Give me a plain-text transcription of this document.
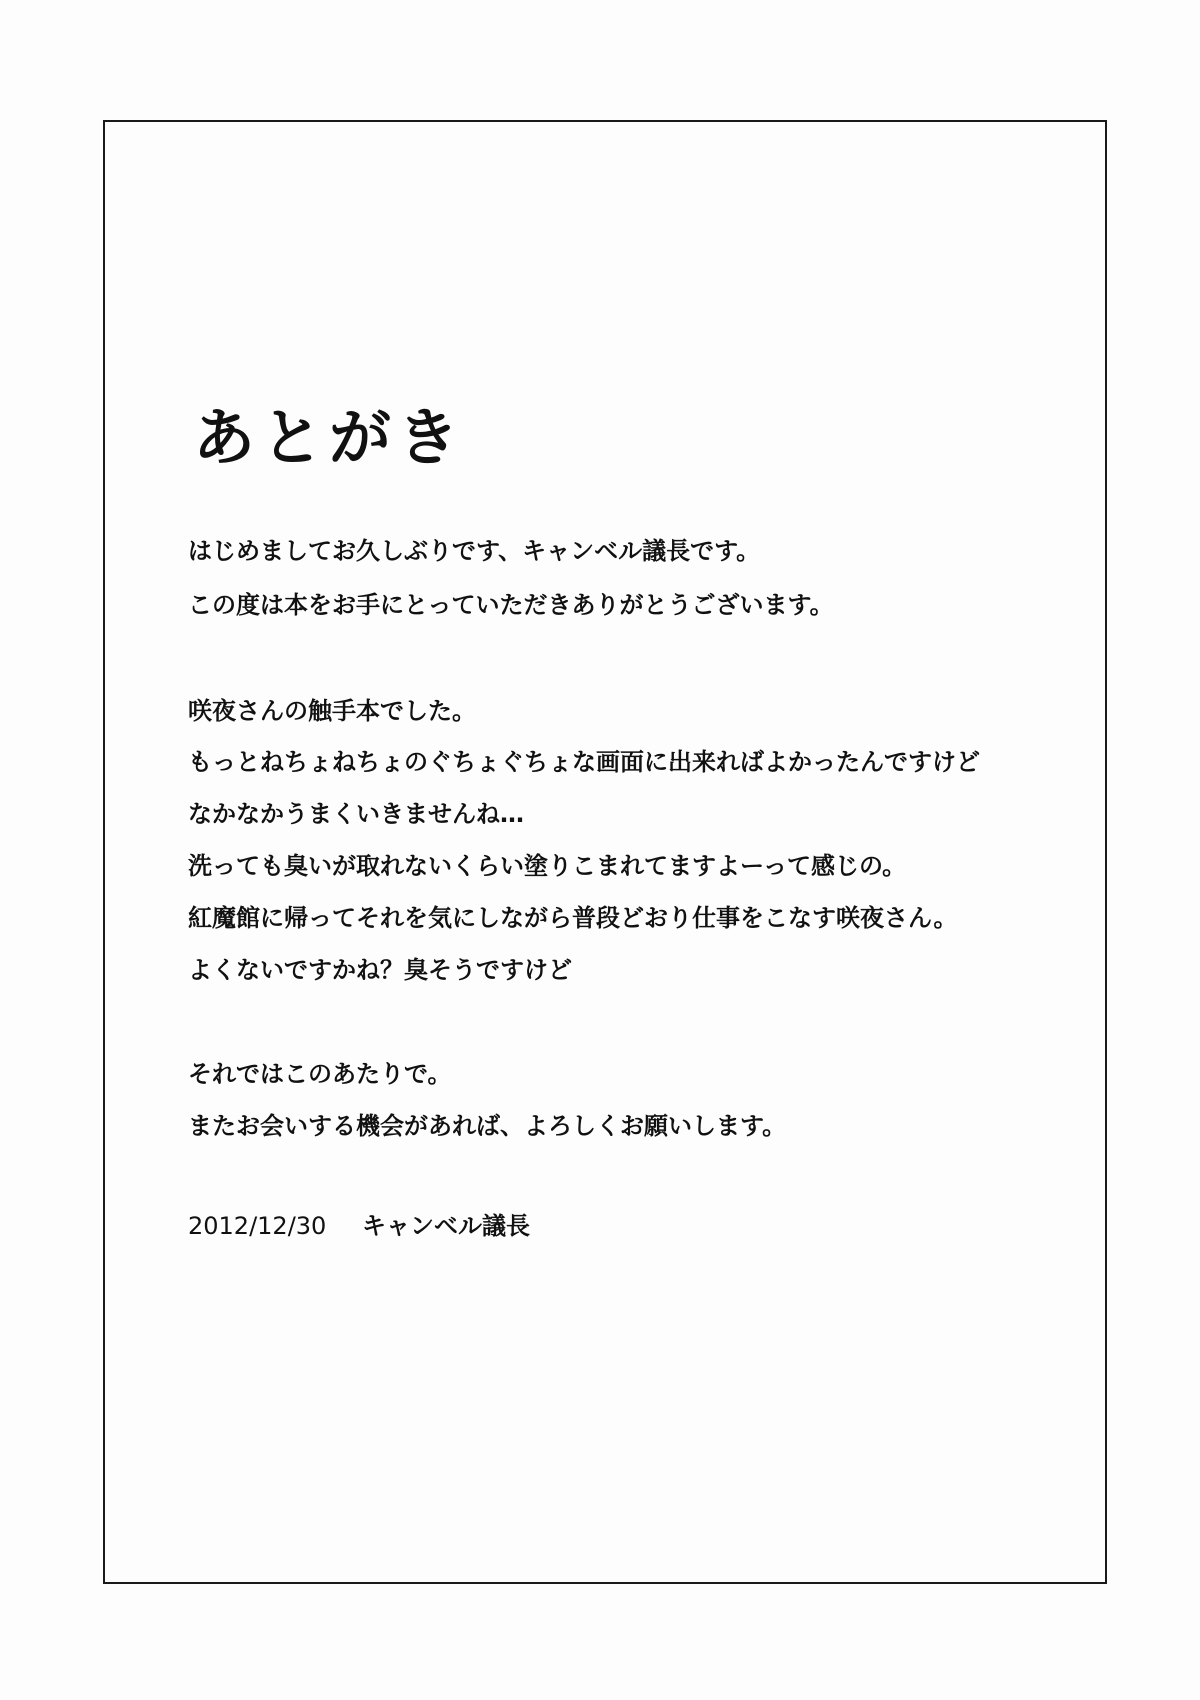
あとがき
はじめましてお久しぶりです、キャンベル議長です。
この度は本をお手にとっていただきありがとうございます。
咲夜さんの触手本でした。
もっとねちょねちょのぐちょぐちょな画面に出来ればよかったんですけど
なかなかうまくいきませんね…
洗っても臭いが取れないくらい塗りこまれてますよーって感じの。
紅魔館に帰ってそれを気にしながら普段どおり仕事をこなす咲夜さん。
よくないですかね？臭そうですけど
それではこのあたりで。
またお会いする機会があれば、よろしくお願いします。
2012/12/30 キャンベル議長
